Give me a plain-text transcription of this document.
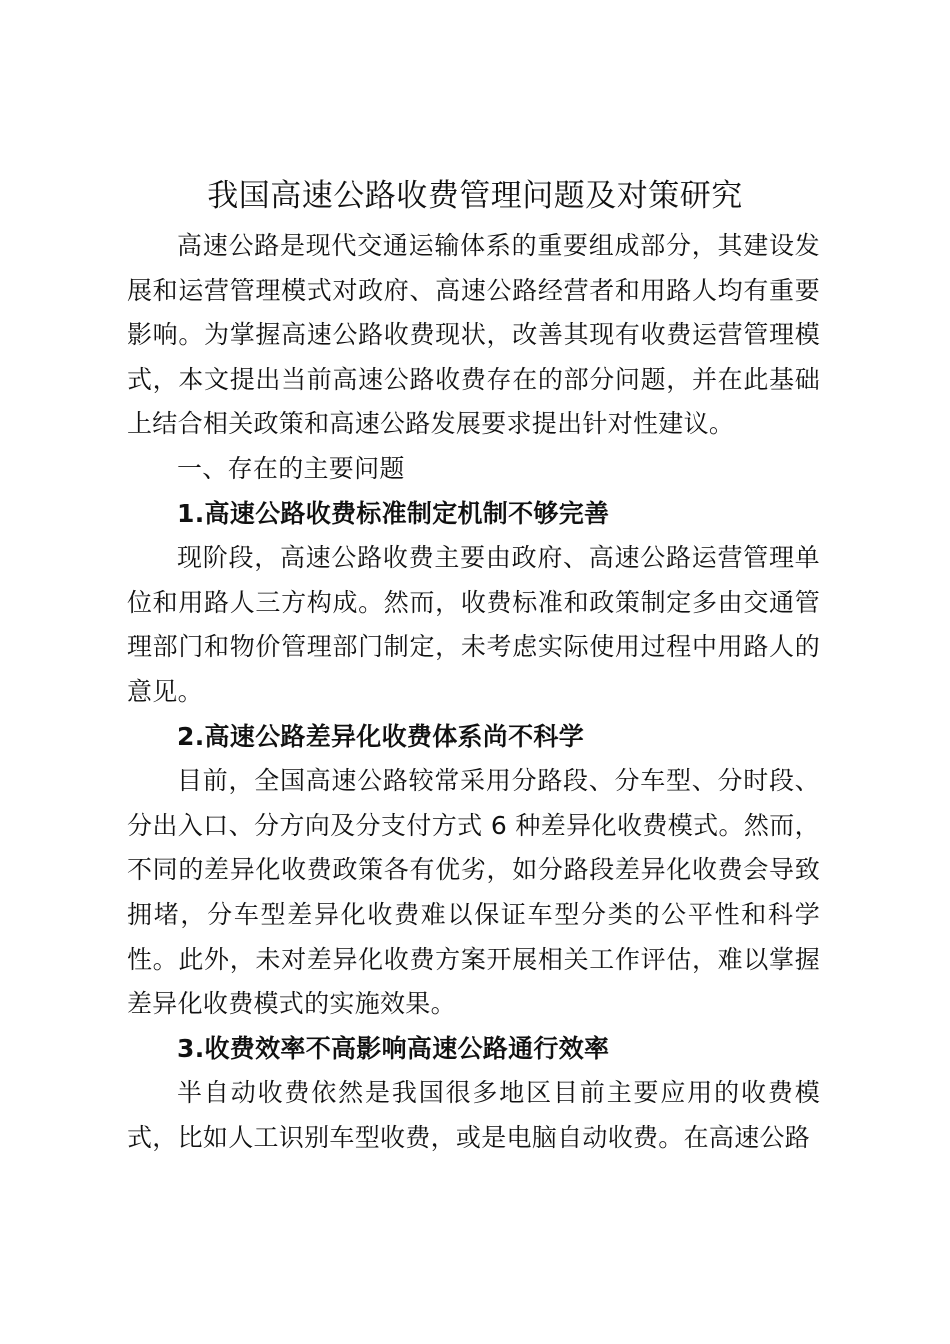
我国高速公路收费管理问题及对策研究

高速公路是现代交通运输体系的重要组成部分，其建设发展和运营管理模式对政府、高速公路经营者和用路人均有重要影响。为掌握高速公路收费现状，改善其现有收费运营管理模式，本文提出当前高速公路收费存在的部分问题，并在此基础上结合相关政策和高速公路发展要求提出针对性建议。

一、存在的主要问题

1.高速公路收费标准制定机制不够完善

现阶段，高速公路收费主要由政府、高速公路运营管理单位和用路人三方构成。然而，收费标准和政策制定多由交通管理部门和物价管理部门制定，未考虑实际使用过程中用路人的意见。

2.高速公路差异化收费体系尚不科学

目前，全国高速公路较常采用分路段、分车型、分时段、分出入口、分方向及分支付方式 6 种差异化收费模式。然而，不同的差异化收费政策各有优劣，如分路段差异化收费会导致拥堵，分车型差异化收费难以保证车型分类的公平性和科学性。此外，未对差异化收费方案开展相关工作评估，难以掌握差异化收费模式的实施效果。

3.收费效率不高影响高速公路通行效率

半自动收费依然是我国很多地区目前主要应用的收费模式，比如人工识别车型收费，或是电脑自动收费。在高速公路
